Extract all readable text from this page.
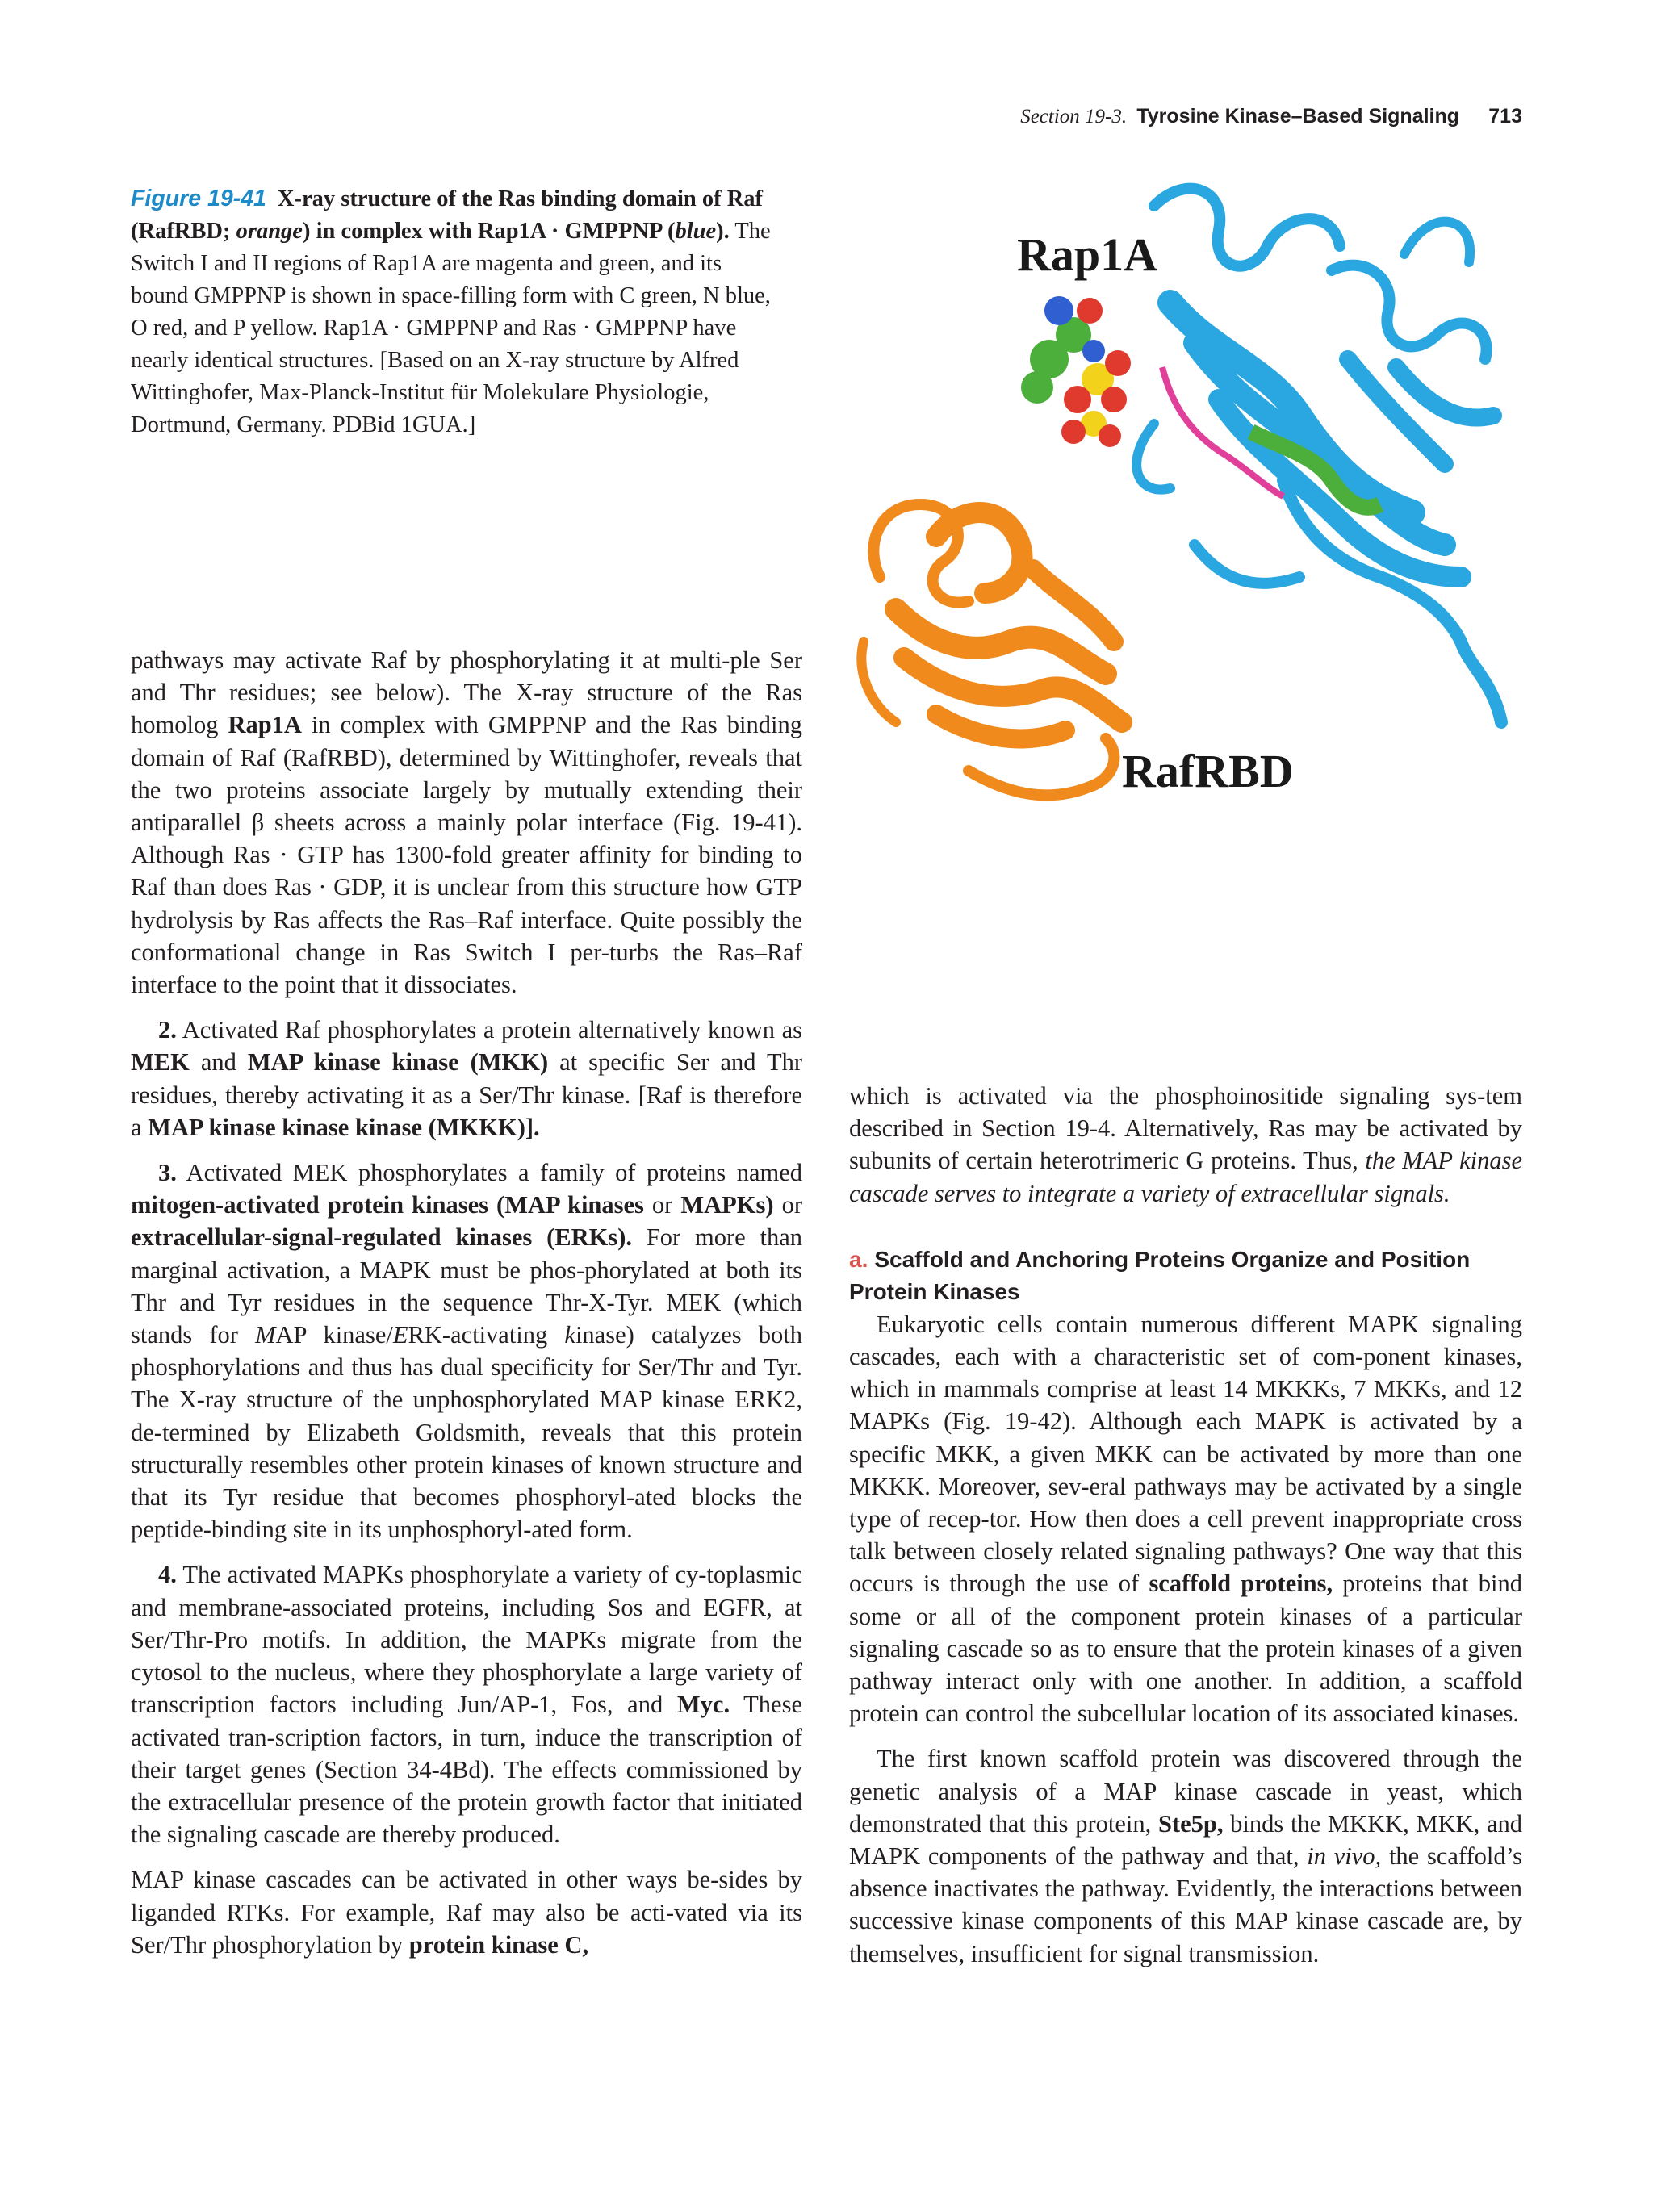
Section 19-3. Tyrosine Kinase–Based Signaling 713
Figure 19-41 X-ray structure of the Ras binding domain of Raf (RafRBD; orange) in complex with Rap1A · GMPPNP (blue). The Switch I and II regions of Rap1A are magenta and green, and its bound GMPPNP is shown in space-filling form with C green, N blue, O red, and P yellow. Rap1A · GMPPNP and Ras · GMPPNP have nearly identical structures. [Based on an X-ray structure by Alfred Wittinghofer, Max-Planck-Institut für Molekulare Physiologie, Dortmund, Germany. PDBid 1GUA.]
Rap1A
RafRBD

pathways may activate Raf by phosphorylating it at multi-ple Ser and Thr residues; see below). The X-ray structure of the Ras homolog Rap1A in complex with GMPPNP and the Ras binding domain of Raf (RafRBD), determined by Wittinghofer, reveals that the two proteins associate largely by mutually extending their antiparallel β sheets across a mainly polar interface (Fig. 19-41). Although Ras · GTP has 1300-fold greater affinity for binding to Raf than does Ras · GDP, it is unclear from this structure how GTP hydrolysis by Ras affects the Ras–Raf interface. Quite possibly the conformational change in Ras Switch I per-turbs the Ras–Raf interface to the point that it dissociates.

2. Activated Raf phosphorylates a protein alternatively known as MEK and MAP kinase kinase (MKK) at specific Ser and Thr residues, thereby activating it as a Ser/Thr kinase. [Raf is therefore a MAP kinase kinase kinase (MKKK)].

3. Activated MEK phosphorylates a family of proteins named mitogen-activated protein kinases (MAP kinases or MAPKs) or extracellular-signal-regulated kinases (ERKs). For more than marginal activation, a MAPK must be phos-phorylated at both its Thr and Tyr residues in the sequence Thr-X-Tyr. MEK (which stands for MAP kinase/ERK-activating kinase) catalyzes both phosphorylations and thus has dual specificity for Ser/Thr and Tyr. The X-ray structure of the unphosphorylated MAP kinase ERK2, de-termined by Elizabeth Goldsmith, reveals that this protein structurally resembles other protein kinases of known structure and that its Tyr residue that becomes phosphoryl-ated blocks the peptide-binding site in its unphosphoryl-ated form.

4. The activated MAPKs phosphorylate a variety of cy-toplasmic and membrane-associated proteins, including Sos and EGFR, at Ser/Thr-Pro motifs. In addition, the MAPKs migrate from the cytosol to the nucleus, where they phosphorylate a large variety of transcription factors including Jun/AP-1, Fos, and Myc. These activated tran-scription factors, in turn, induce the transcription of their target genes (Section 34-4Bd). The effects commissioned by the extracellular presence of the protein growth factor that initiated the signaling cascade are thereby produced.

MAP kinase cascades can be activated in other ways be-sides by liganded RTKs. For example, Raf may also be acti-vated via its Ser/Thr phosphorylation by protein kinase C,

which is activated via the phosphoinositide signaling sys-tem described in Section 19-4. Alternatively, Ras may be activated by subunits of certain heterotrimeric G proteins. Thus, the MAP kinase cascade serves to integrate a variety of extracellular signals.

a. Scaffold and Anchoring Proteins Organize and Position Protein Kinases

Eukaryotic cells contain numerous different MAPK signaling cascades, each with a characteristic set of com-ponent kinases, which in mammals comprise at least 14 MKKKs, 7 MKKs, and 12 MAPKs (Fig. 19-42). Although each MAPK is activated by a specific MKK, a given MKK can be activated by more than one MKKK. Moreover, sev-eral pathways may be activated by a single type of recep-tor. How then does a cell prevent inappropriate cross talk between closely related signaling pathways? One way that this occurs is through the use of scaffold proteins, proteins that bind some or all of the component protein kinases of a particular signaling cascade so as to ensure that the protein kinases of a given pathway interact only with one another. In addition, a scaffold protein can control the subcellular location of its associated kinases.

The first known scaffold protein was discovered through the genetic analysis of a MAP kinase cascade in yeast, which demonstrated that this protein, Ste5p, binds the MKKK, MKK, and MAPK components of the pathway and that, in vivo, the scaffold’s absence inactivates the pathway. Evidently, the interactions between successive kinase components of this MAP kinase cascade are, by themselves, insufficient for signal transmission.
